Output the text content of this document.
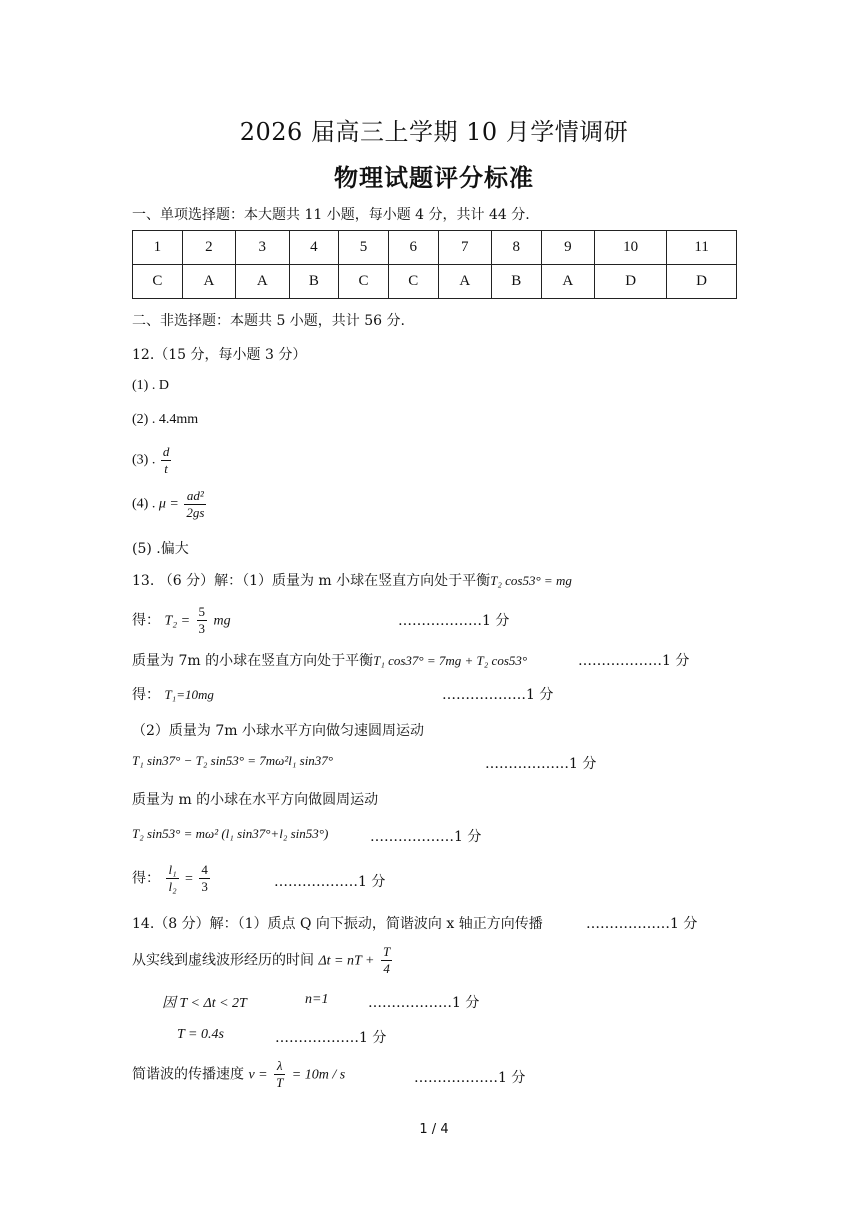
2026 届高三上学期 10 月学情调研
物理试题评分标准
一、单项选择题：本大题共 11 小题，每小题 4 分，共计 44 分.
1	2	3	4	5	6	7	8	9	10	11
C	A	A	B	C	C	A	B	A	D	D
二、非选择题：本题共 5 小题，共计 56 分.
12.（15 分，每小题 3 分）
(1) . D
(2) . 4.4mm
(3) . $\frac{d}{t}$
(4) . $\mu = \frac{\text{ad²}}{2gs}$
(5) .偏大
13. （6 分）解：（1）质量为 m 小球在竖直方向处于平衡T₂ cos53° = mg
得： $T_2 = \frac{5}{3}$ mg	………………1 分
质量为 7m 的小球在竖直方向处于平衡T₁ cos37° = 7mg + T₂ cos53°	………………1 分
得： T₁=10mg	………………1 分
（2）质量为 7m 小球水平方向做匀速圆周运动
T₁ sin37° − T₂ sin53° = 7mω²l₁ sin37°	………………1 分
质量为 m 的小球在水平方向做圆周运动
T₂ sin53° = mω² (l₁ sin37°+l₂ sin53°)	………………1 分
得： $\frac{\text{l₁}}{\text{l₂}} = \frac{4}{3}$	………………1 分
14.（8 分）解：（1）质点 Q 向下振动，简谐波向 x 轴正方向传播	………………1 分
从实线到虚线波形经历的时间 Δt = nT + $\frac{T}{4}$
因 T < Δt < 2T	n=1	………………1 分
T = 0.4s	………………1 分
简谐波的传播速度 $v = \frac{\lambda}{T} = 10m / s$	………………1 分
1 / 4
